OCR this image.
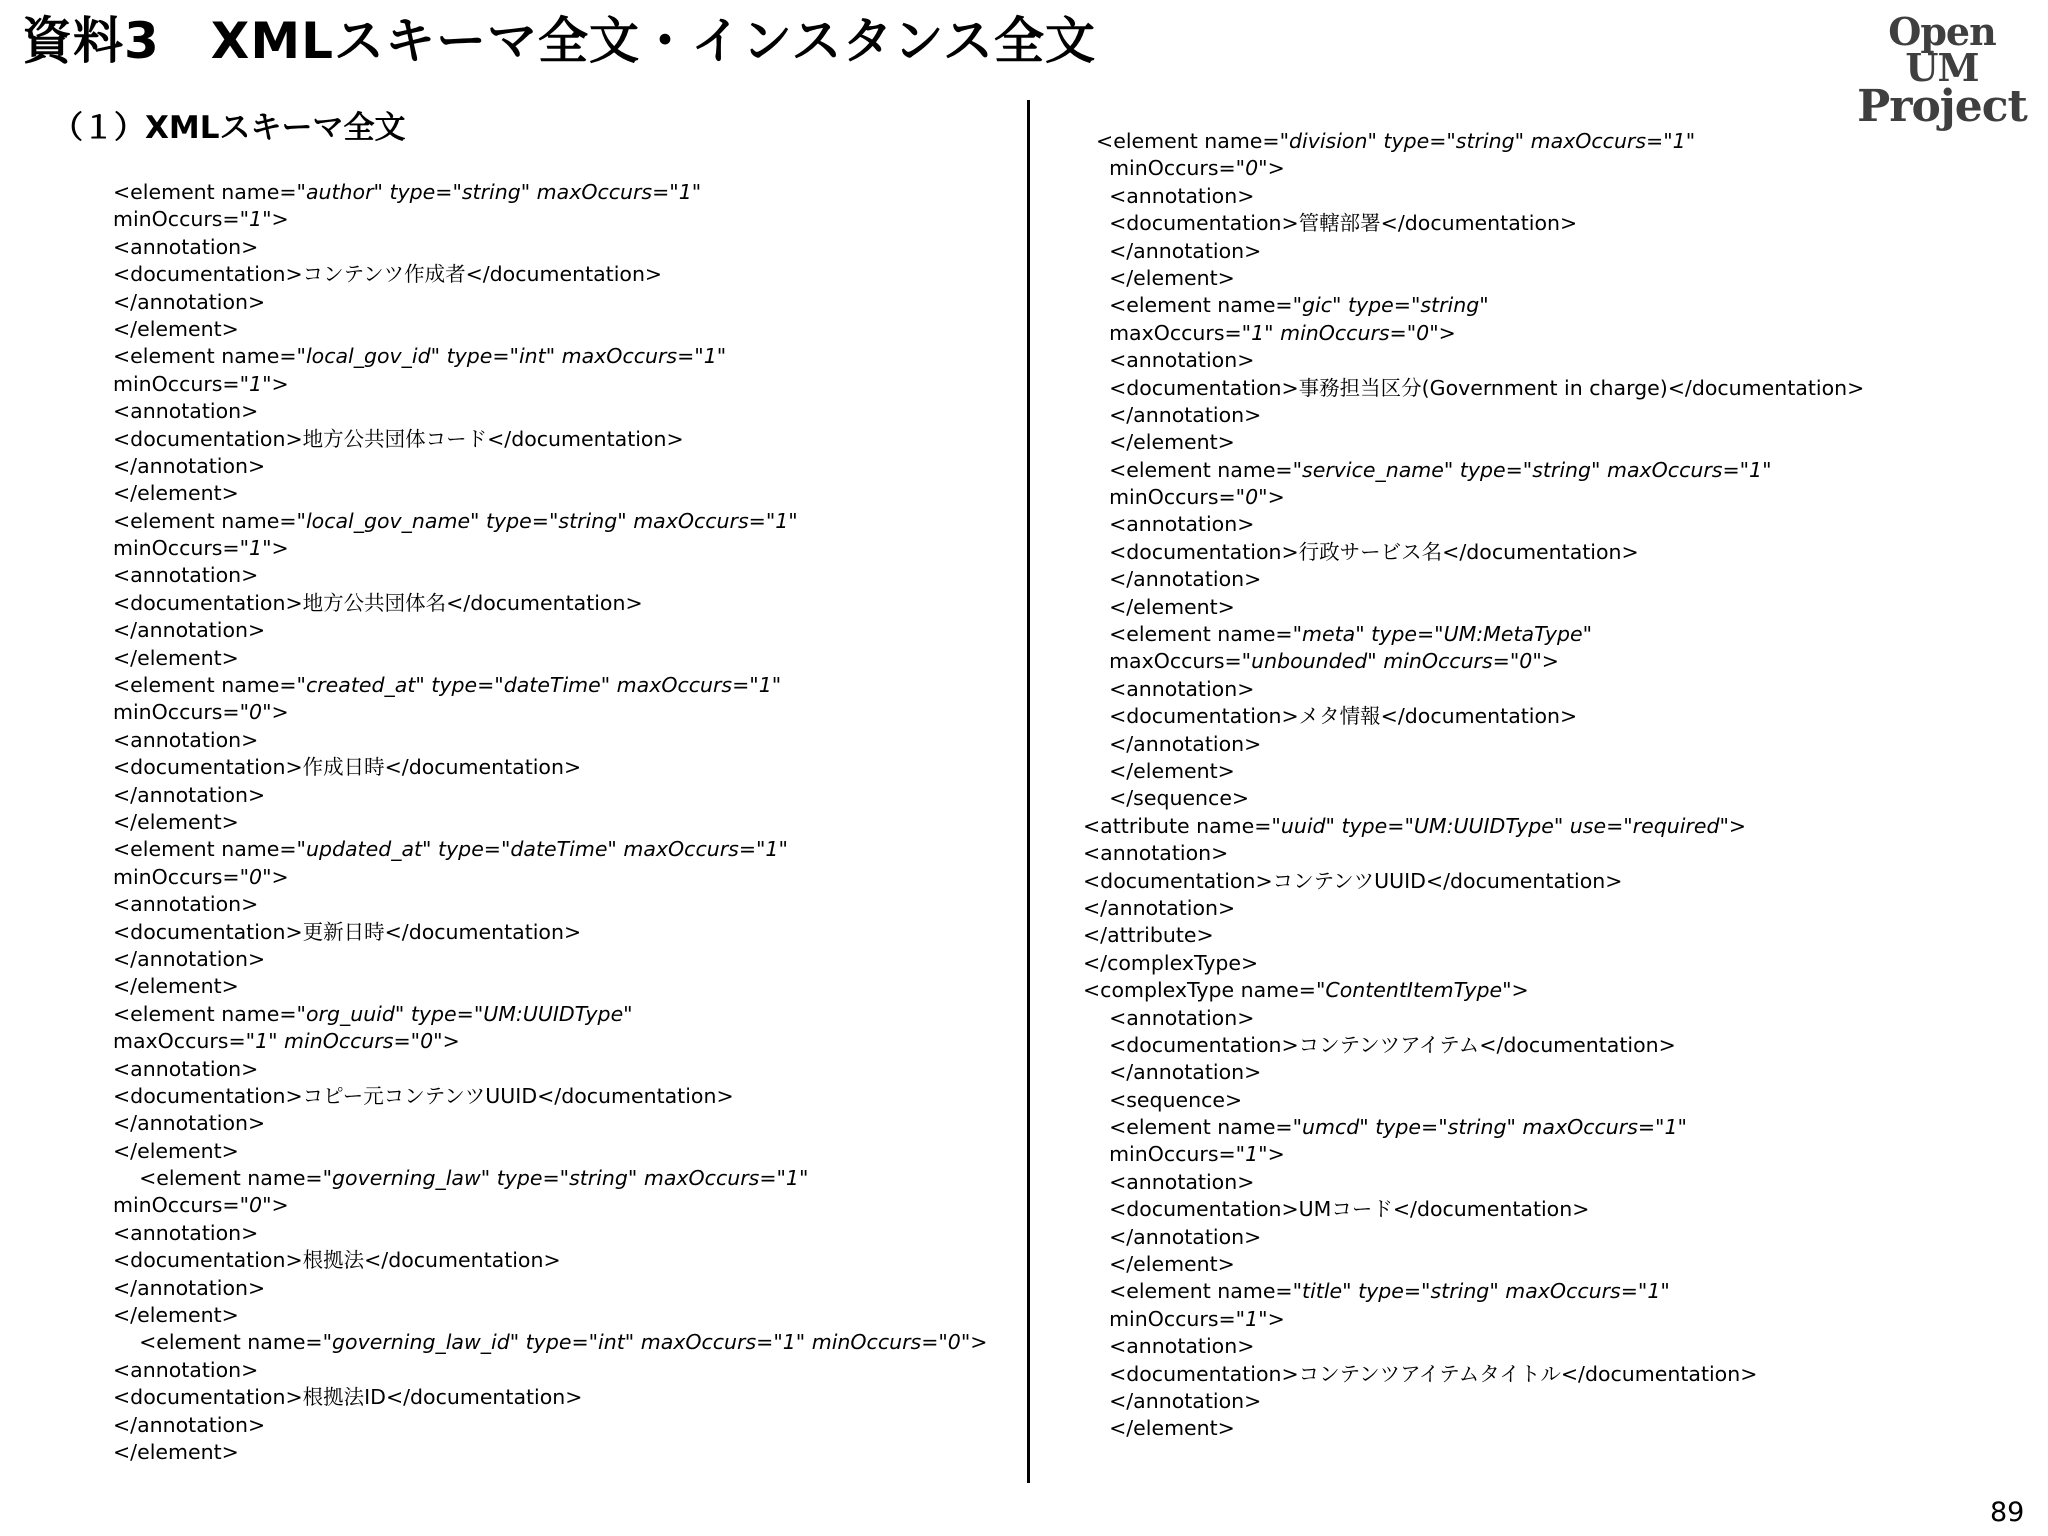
資料3　XMLスキーマ全文・インスタンス全文	Open UM
Project
（１）XMLスキーマ全文
<element name="author" type="string" maxOccurs="1"
minOccurs="1">
<annotation>
<documentation>コンテンツ作成者</documentation>
</annotation>
</element>
<element name="local_gov_id" type="int" maxOccurs="1"
minOccurs="1">
<annotation>
<documentation>地方公共団体コード</documentation>
</annotation>
</element>
<element name="local_gov_name" type="string" maxOccurs="1"
minOccurs="1">
<annotation>
<documentation>地方公共団体名</documentation>
</annotation>
</element>
<element name="created_at" type="dateTime" maxOccurs="1"
minOccurs="0">
<annotation>
<documentation>作成日時</documentation>
</annotation>
</element>
<element name="updated_at" type="dateTime" maxOccurs="1"
minOccurs="0">
<annotation>
<documentation>更新日時</documentation>
</annotation>
</element>
<element name="org_uuid" type="UM:UUIDType"
maxOccurs="1" minOccurs="0">
<annotation>
<documentation>コピー元コンテンツUUID</documentation>
</annotation>
</element>
<element name="governing_law" type="string" maxOccurs="1"
minOccurs="0">
<annotation>
<documentation>根拠法</documentation>
</annotation>
</element>
<element name="governing_law_id" type="int" maxOccurs="1" minOccurs="0">
<annotation>
<documentation>根拠法ID</documentation>
</annotation>
</element>
<element name="division" type="string" maxOccurs="1"
minOccurs="0">
<annotation>
<documentation>管轄部署</documentation>
</annotation>
</element>
<element name="gic" type="string"
maxOccurs="1" minOccurs="0">
<annotation>
<documentation>事務担当区分(Government in charge)</documentation>
</annotation>
</element>
<element name="service_name" type="string" maxOccurs="1"
minOccurs="0">
<annotation>
<documentation>行政サービス名</documentation>
</annotation>
</element>
<element name="meta" type="UM:MetaType"
maxOccurs="unbounded" minOccurs="0">
<annotation>
<documentation>メタ情報</documentation>
</annotation>
</element>
</sequence>
<attribute name="uuid" type="UM:UUIDType" use="required">
<annotation>
<documentation>コンテンツUUID</documentation>
</annotation>
</attribute>
</complexType>
<complexType name="ContentItemType">
<annotation>
<documentation>コンテンツアイテム</documentation>
</annotation>
<sequence>
<element name="umcd" type="string" maxOccurs="1"
minOccurs="1">
<annotation>
<documentation>UMコード</documentation>
</annotation>
</element>
<element name="title" type="string" maxOccurs="1"
minOccurs="1">
<annotation>
<documentation>コンテンツアイテムタイトル</documentation>
</annotation>
</element>
89
